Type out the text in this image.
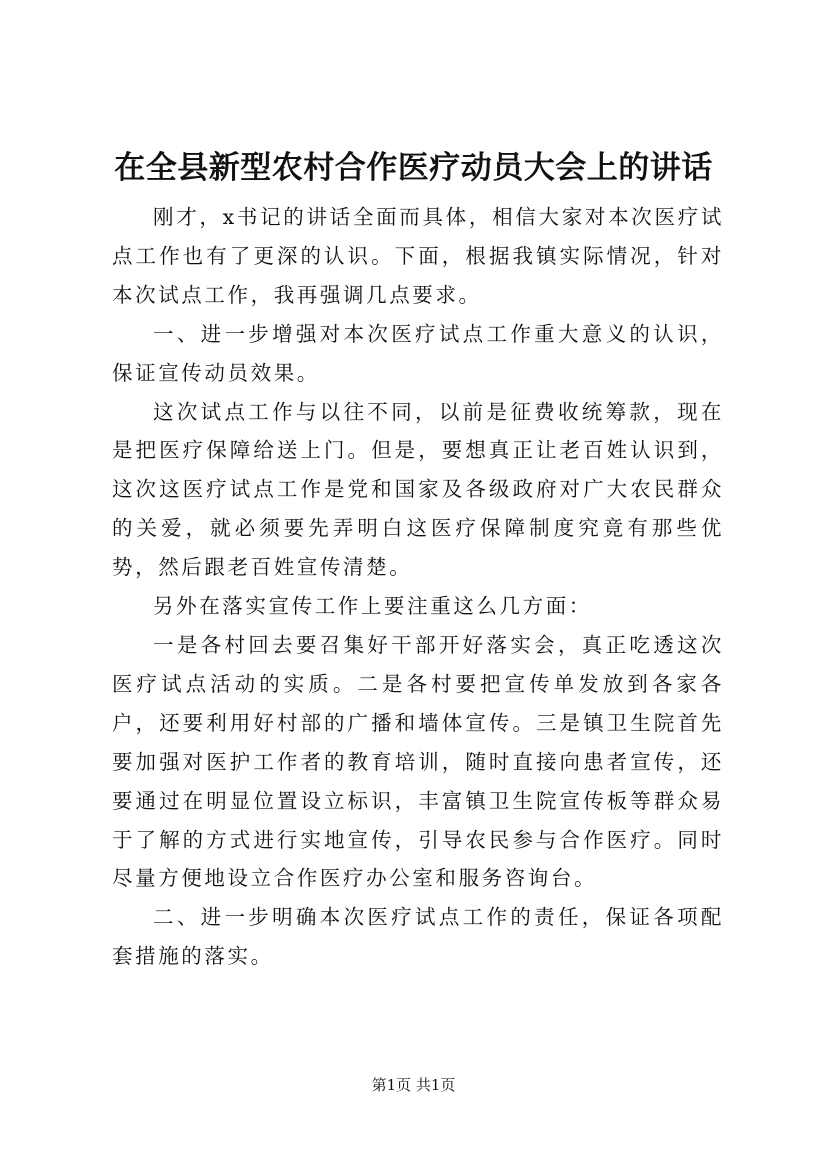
在全县新型农村合作医疗动员大会上的讲话

刚才，x书记的讲话全面而具体，相信大家对本次医疗试点工作也有了更深的认识。下面，根据我镇实际情况，针对本次试点工作，我再强调几点要求。

一、进一步增强对本次医疗试点工作重大意义的认识，保证宣传动员效果。

这次试点工作与以往不同，以前是征费收统筹款，现在是把医疗保障给送上门。但是，要想真正让老百姓认识到，这次这医疗试点工作是党和国家及各级政府对广大农民群众的关爱，就必须要先弄明白这医疗保障制度究竟有那些优势，然后跟老百姓宣传清楚。

另外在落实宣传工作上要注重这么几方面：

一是各村回去要召集好干部开好落实会，真正吃透这次医疗试点活动的实质。二是各村要把宣传单发放到各家各户，还要利用好村部的广播和墙体宣传。三是镇卫生院首先要加强对医护工作者的教育培训，随时直接向患者宣传，还要通过在明显位置设立标识，丰富镇卫生院宣传板等群众易于了解的方式进行实地宣传，引导农民参与合作医疗。同时尽量方便地设立合作医疗办公室和服务咨询台。

二、进一步明确本次医疗试点工作的责任，保证各项配套措施的落实。

第1页 共1页
